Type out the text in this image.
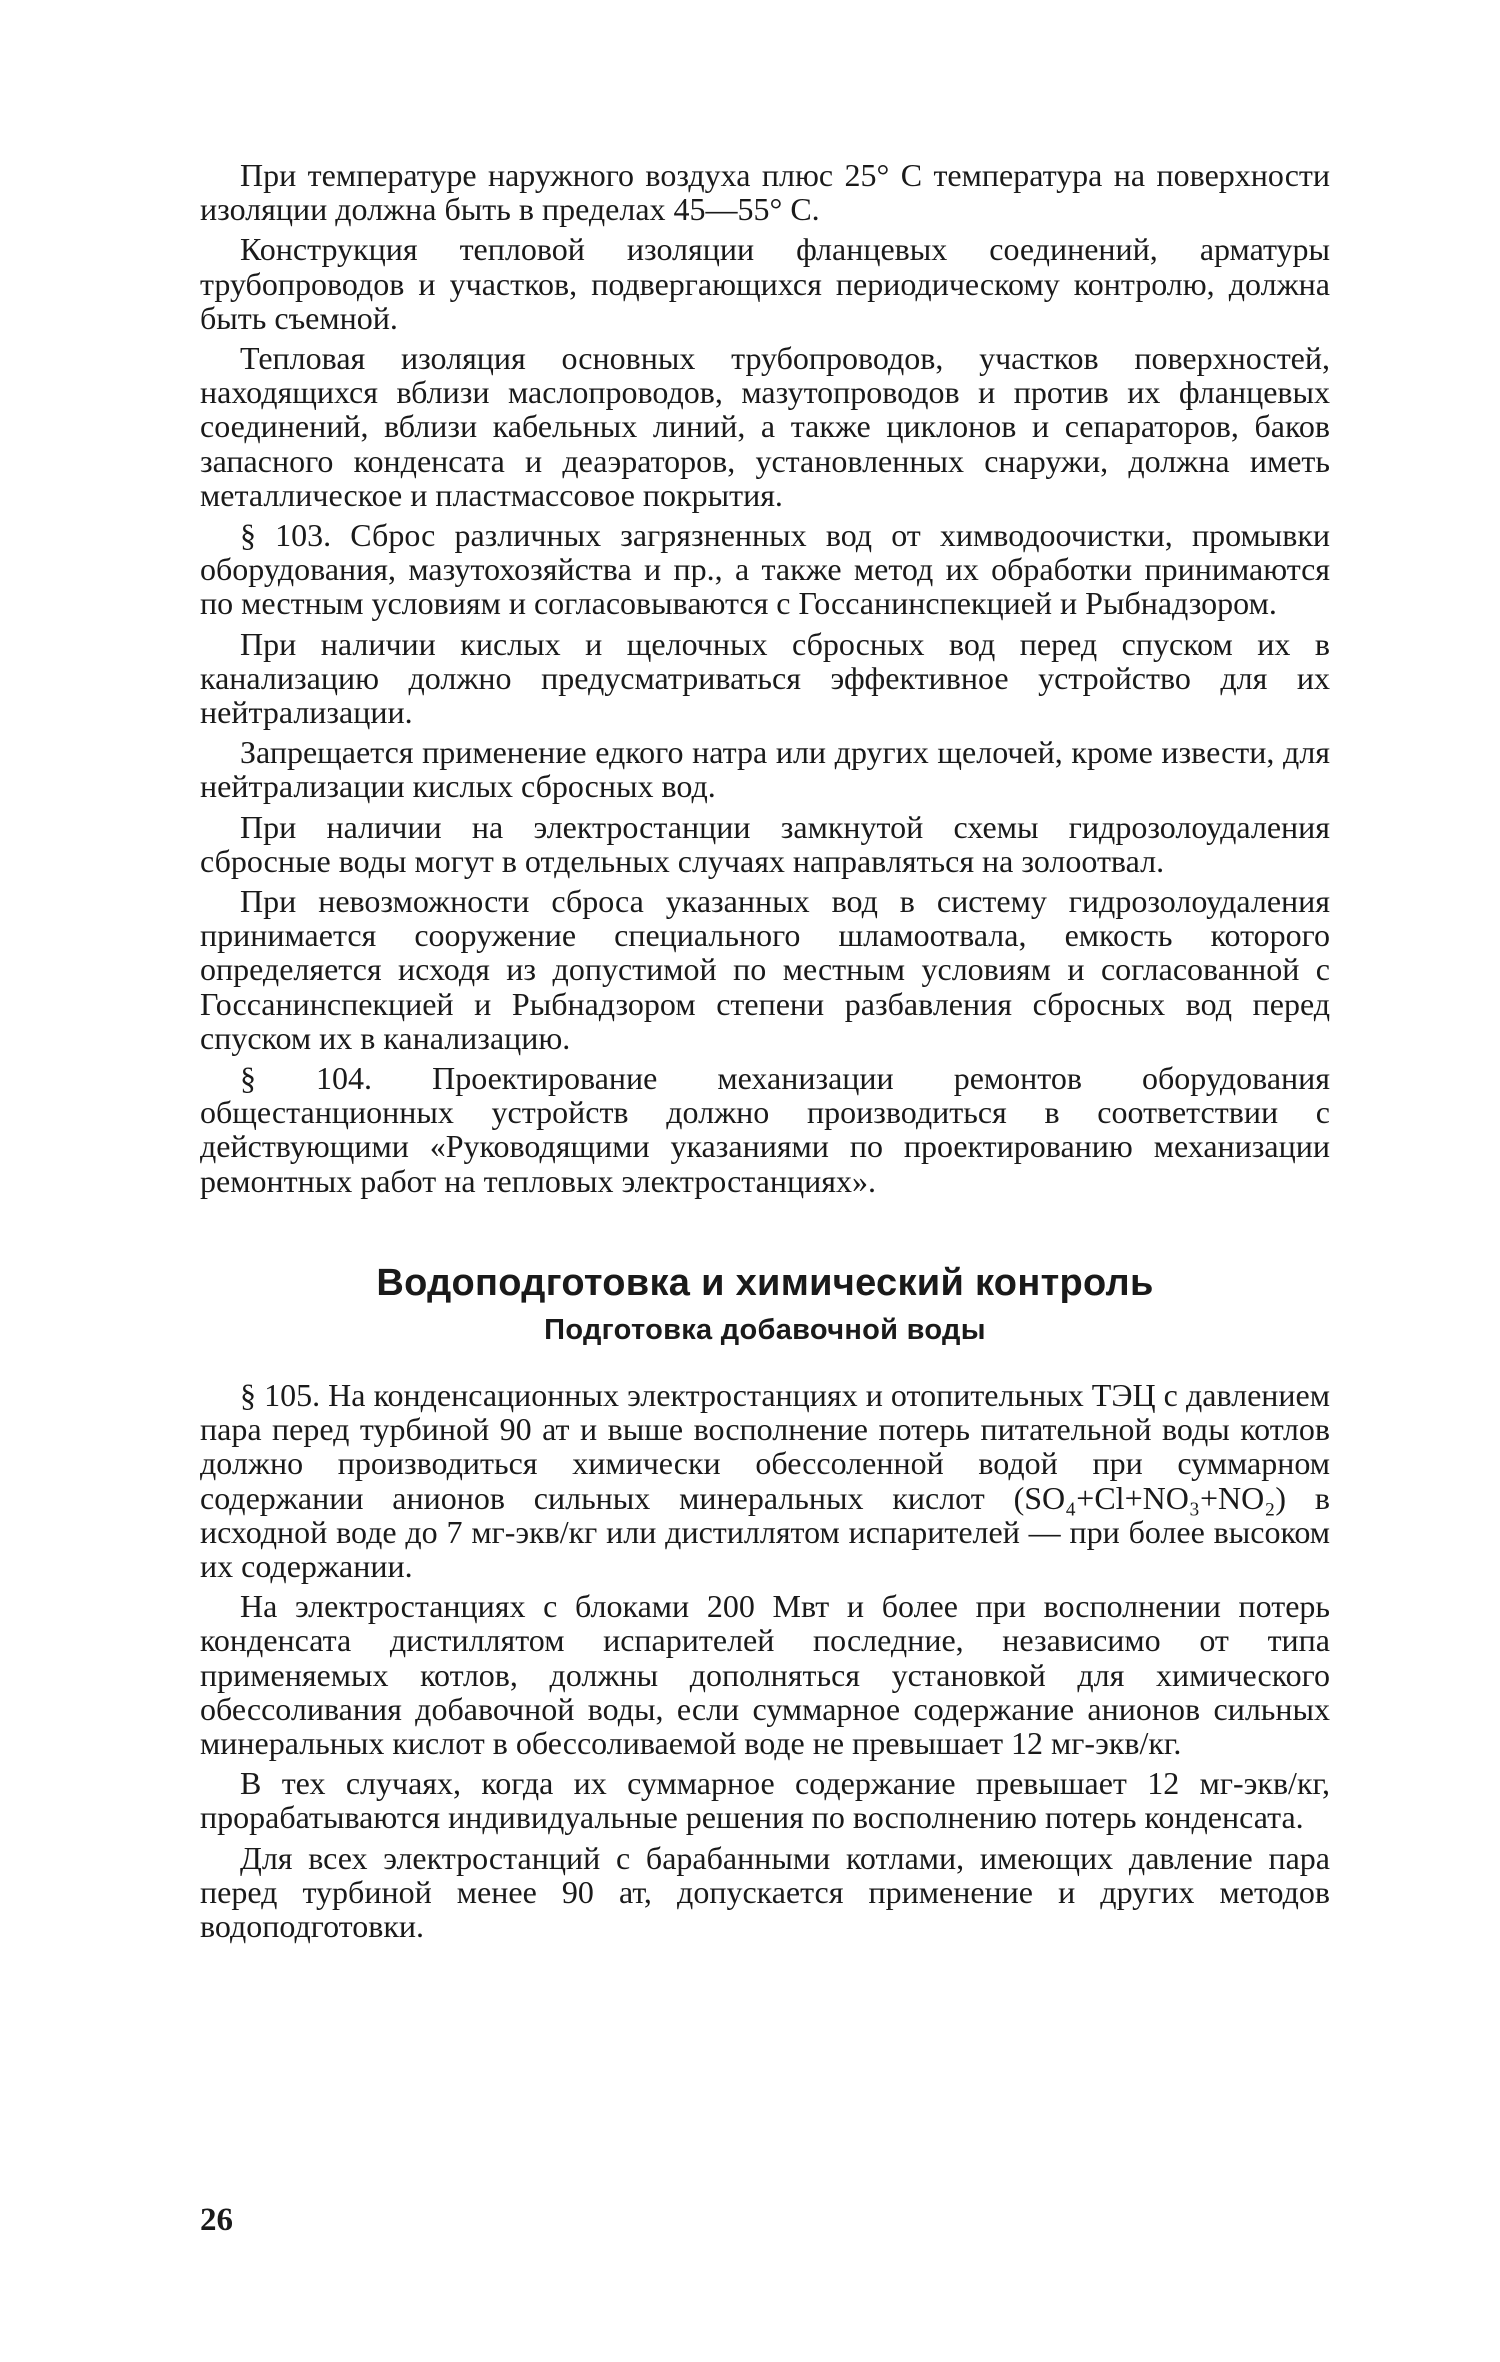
При температуре наружного воздуха плюс 25° С температура на поверхности изоляции должна быть в пределах 45—55° С.

Конструкция тепловой изоляции фланцевых соединений, арматуры трубопроводов и участков, подвергающихся периодическому контролю, должна быть съемной.

Тепловая изоляция основных трубопроводов, участков поверхностей, находящихся вблизи маслопроводов, мазутопроводов и против их фланцевых соединений, вблизи кабельных линий, а также циклонов и сепараторов, баков запасного конденсата и деаэраторов, установленных снаружи, должна иметь металлическое и пластмассовое покрытия.

§ 103. Сброс различных загрязненных вод от химводоочистки, промывки оборудования, мазутохозяйства и пр., а также метод их обработки принимаются по местным условиям и согласовываются с Госсанинспекцией и Рыбнадзором.

При наличии кислых и щелочных сбросных вод перед спуском их в канализацию должно предусматриваться эффективное устройство для их нейтрализации.

Запрещается применение едкого натра или других щелочей, кроме извести, для нейтрализации кислых сбросных вод.

При наличии на электростанции замкнутой схемы гидрозолоудаления сбросные воды могут в отдельных случаях направляться на золоотвал.

При невозможности сброса указанных вод в систему гидрозолоудаления принимается сооружение специального шламоотвала, емкость которого определяется исходя из допустимой по местным условиям и согласованной с Госсанинспекцией и Рыбнадзором степени разбавления сбросных вод перед спуском их в канализацию.

§ 104. Проектирование механизации ремонтов оборудования общестанционных устройств должно производиться в соответствии с действующими «Руководящими указаниями по проектированию механизации ремонтных работ на тепловых электростанциях».

Водоподготовка и химический контроль
Подготовка добавочной воды

§ 105. На конденсационных электростанциях и отопительных ТЭЦ с давлением пара перед турбиной 90 ат и выше восполнение потерь питательной воды котлов должно производиться химически обессоленной водой при суммарном содержании анионов сильных минеральных кислот (SO₄+Cl+NO₃+NO₂) в исходной воде до 7 мг-экв/кг или дистиллятом испарителей — при более высоком их содержании.

На электростанциях с блоками 200 Мвт и более при восполнении потерь конденсата дистиллятом испарителей последние, независимо от типа применяемых котлов, должны дополняться установкой для химического обессоливания добавочной воды, если суммарное содержание анионов сильных минеральных кислот в обессоливаемой воде не превышает 12 мг-экв/кг.

В тех случаях, когда их суммарное содержание превышает 12 мг-экв/кг, прорабатываются индивидуальные решения по восполнению потерь конденсата.

Для всех электростанций с барабанными котлами, имеющих давление пара перед турбиной менее 90 ат, допускается применение и других методов водоподготовки.

26
